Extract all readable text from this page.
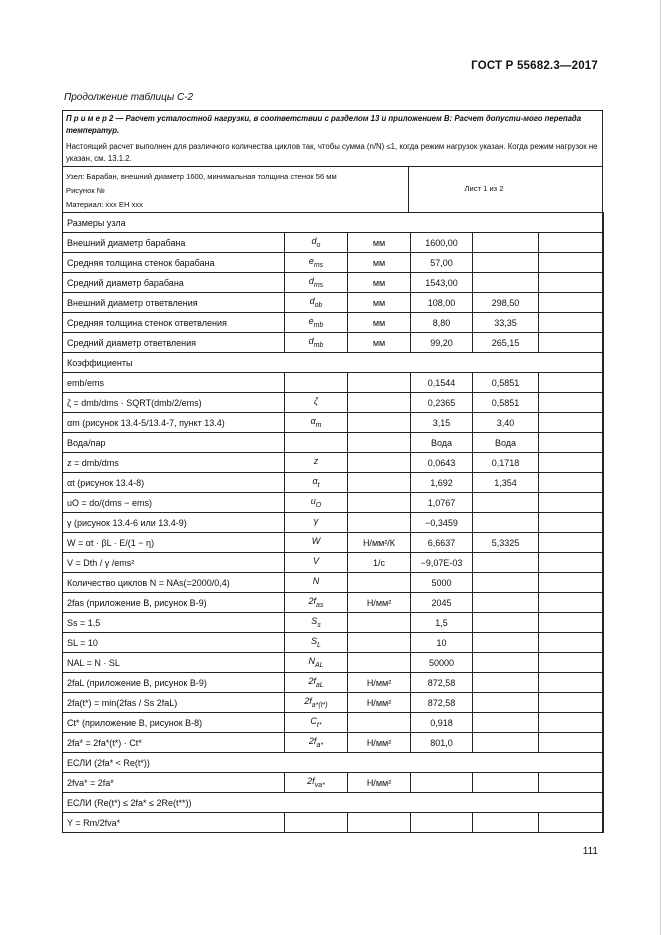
ГОСТ Р 55682.3—2017
Продолжение таблицы С-2
П р и м е р 2 — Расчет усталостной нагрузки, в соответствии с разделом 13 и приложением В: Расчет допусти-мого перепада температур.
Настоящий расчет выполнен для различного количества циклов так, чтобы сумма (n/N) ≤1, когда режим нагрузок указан. Когда режим нагрузок не указан, см. 13.1.2.
Узел: Барабан, внешний диаметр 1600, минимальная толщина стенок 56 мм
Рисунок №
Материал: ххх ЕН ххх
Лист 1 из 2
Размеры узла					
Внешний диаметр барабана	$d_o$	мм	1600,00		
Средняя толщина стенок барабана	$e_{ms}$	мм	57,00		
Средний диаметр барабана	$d_{ms}$	мм	1543,00		
Внешний диаметр ответвления	$d_{ob}$	мм	108,00	298,50	
Средняя толщина стенок ответвления	$e_{mb}$	мм	8,80	33,35	
Средний диаметр ответвления	$d_{mb}$	мм	99,20	265,15	
Коэффициенты					
emb/ems			0,1544	0,5851	
ζ = dmb/dms · SQRT(dmb/2/ems)	ζ		0,2365	0,5851	
αm (рисунок 13.4-5/13.4-7, пункт 13.4)	$\alpha_m$		3,15	3,40	
Вода/пар			Вода	Вода	
z = dmb/dms	z		0,0643	0,1718	
αt (рисунок 13.4-8)	$\alpha_t$		1,692	1,354	
uO = do/(dms − ems)	$u_O$		1,0767		
γ (рисунок 13.4-6 или 13.4-9)	γ		−0,3459		
W = αt · βL · E/(1 − η)	W	Н/мм²/К	6,6637	5,3325	
V = Dth / γ /ems²	V	1/с	−9,07E-03		
Количество циклов N = NAs(=2000/0,4)	N		5000		
2fas (приложение В, рисунок В-9)	$2f_{as}$	Н/мм²	2045		
Ss = 1,5	$S_s$		1,5		
SL = 10	$S_L$		10		
NAL = N · SL	$N_{AL}$		50000		
2faL (приложение В, рисунок В-9)	$2f_{aL}$	Н/мм²	872,58		
2fa(t*) = min(2fas / Ss 2faL)	$2f_{a*(t*)}$	Н/мм²	872,58		
Ct* (приложение В, рисунок В-8)	$C_{t*}$		0,918		
2fa* = 2fa*(t*) · Ct*	$2f_{a*}$	Н/мм²	801,0		
ЕСЛИ (2fa* < Re(t*))					
2fva* = 2fa*	$2f_{va*}$	Н/мм²			
ЕСЛИ (Re(t*) ≤ 2fa* ≤ 2Re(t**))					
Y = Rm/2fva*					
111
